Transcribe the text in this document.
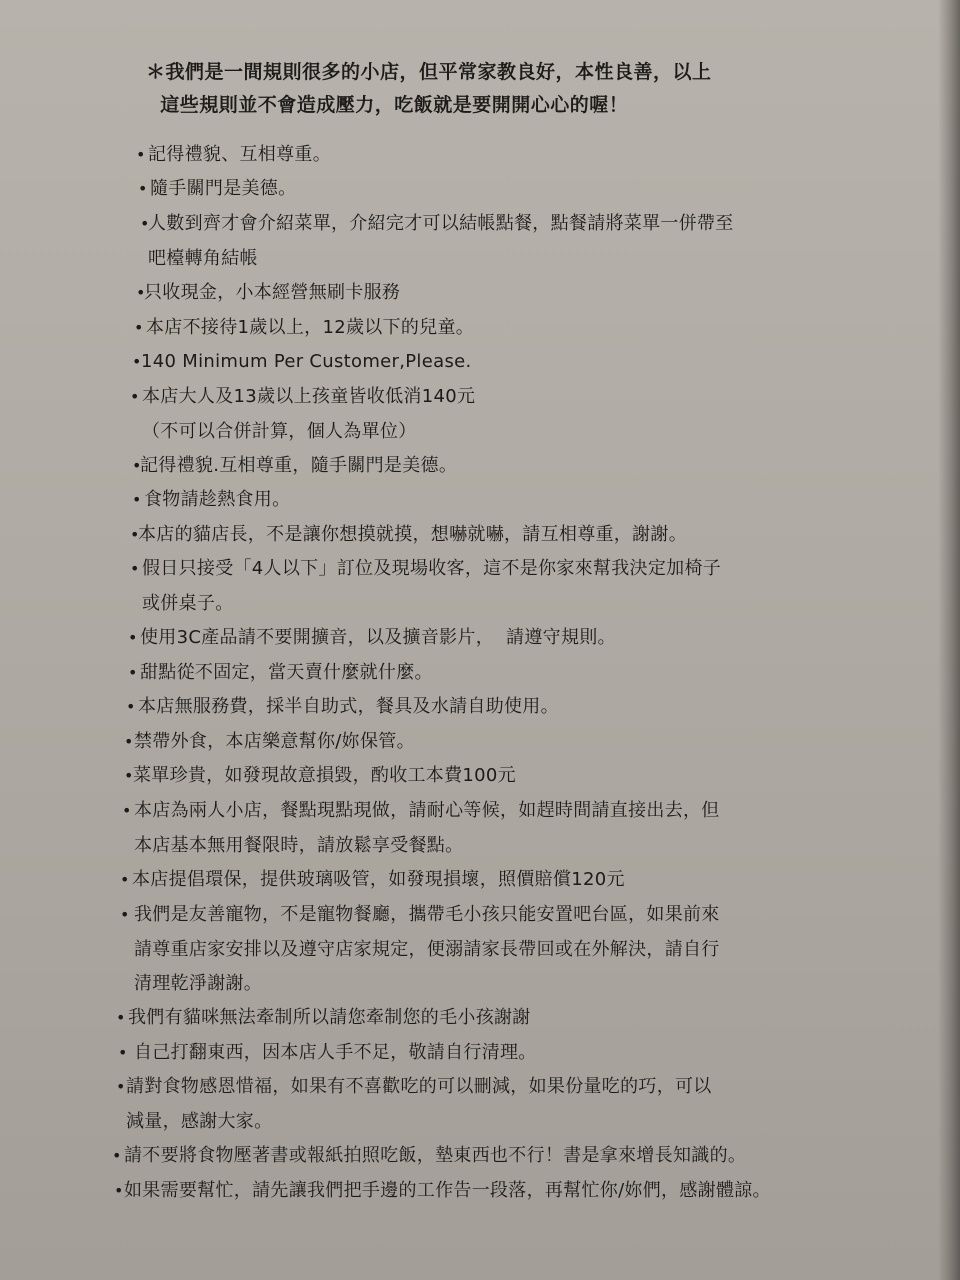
＊我們是一間規則很多的小店，但平常家教良好，本性良善，以上
這些規則並不會造成壓力，吃飯就是要開開心心的喔！

• 記得禮貌、互相尊重。
• 隨手關門是美德。
•
人數到齊才會介紹菜單，介紹完才可以結帳點餐，點餐請將菜單一併帶至
吧檯轉角結帳
•
只收現金，小本經營無刷卡服務
• 本店不接待1歲以上，12歲以下的兒童。
• 140 Minimum Per Customer,Please.
• 本店大人及13歲以上孩童皆收低消140元
（不可以合併計算，個人為單位）
•
記得禮貌.互相尊重，隨手關門是美德。
• 食物請趁熱食用。
•
本店的貓店長，不是讓你想摸就摸，想嚇就嚇，請互相尊重，謝謝。
• 假日只接受「4人以下」訂位及現場收客，這不是你家來幫我決定加椅子
或併桌子。
• 使用3C產品請不要開擴音，以及擴音影片，  請遵守規則。
• 甜點從不固定，當天賣什麼就什麼。
• 本店無服務費，採半自助式，餐具及水請自助使用。
• 禁帶外食，本店樂意幫你/妳保管。
• 菜單珍貴，如發現故意損毀，酌收工本費100元
• 本店為兩人小店，餐點現點現做，請耐心等候，如趕時間請直接出去，但
本店基本無用餐限時，請放鬆享受餐點。
• 本店提倡環保，提供玻璃吸管，如發現損壞，照價賠償120元
• 我們是友善寵物，不是寵物餐廳，攜帶毛小孩只能安置吧台區，如果前來
請尊重店家安排以及遵守店家規定，便溺請家長帶回或在外解決，請自行
清理乾淨謝謝。
• 我們有貓咪無法牽制所以請您牽制您的毛小孩謝謝
• 自己打翻東西，因本店人手不足，敬請自行清理。
• 請對食物感恩惜福，如果有不喜歡吃的可以刪減，如果份量吃的巧，可以
減量，感謝大家。
• 請不要將食物壓著書或報紙拍照吃飯，墊東西也不行！書是拿來增長知識的。
• 如果需要幫忙，請先讓我們把手邊的工作告一段落，再幫忙你/妳們，感謝體諒。
